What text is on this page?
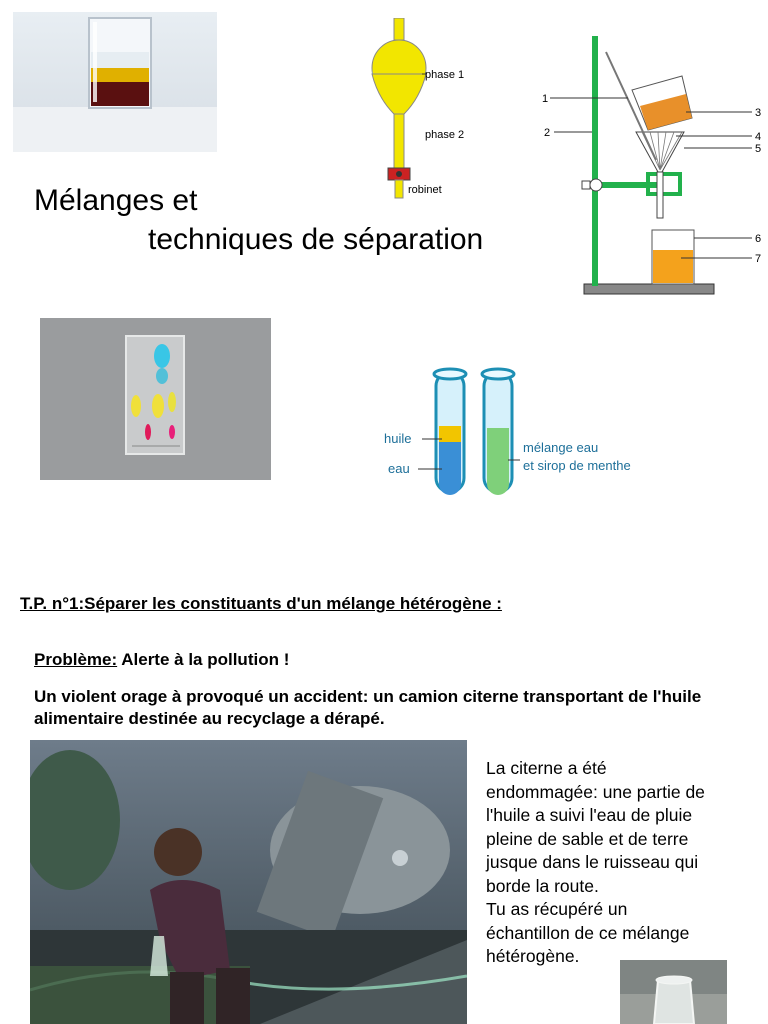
phase 1
phase 2
robinet
1
2
3
4
5
6
7
Mélanges et
techniques de séparation
huile
eau
mélange eau
et sirop de menthe
T.P. n°1:Séparer les constituants d'un mélange hétérogène :
Problème: Alerte à la pollution !
Un violent orage à provoqué un accident: un camion citerne transportant de l'huile alimentaire destinée au recyclage a dérapé.
La citerne a été
endommagée: une partie de
l'huile a suivi l'eau de pluie
pleine de sable et de terre
jusque dans le ruisseau qui
borde la route.
Tu as récupéré un
échantillon de ce mélange
hétérogène.
